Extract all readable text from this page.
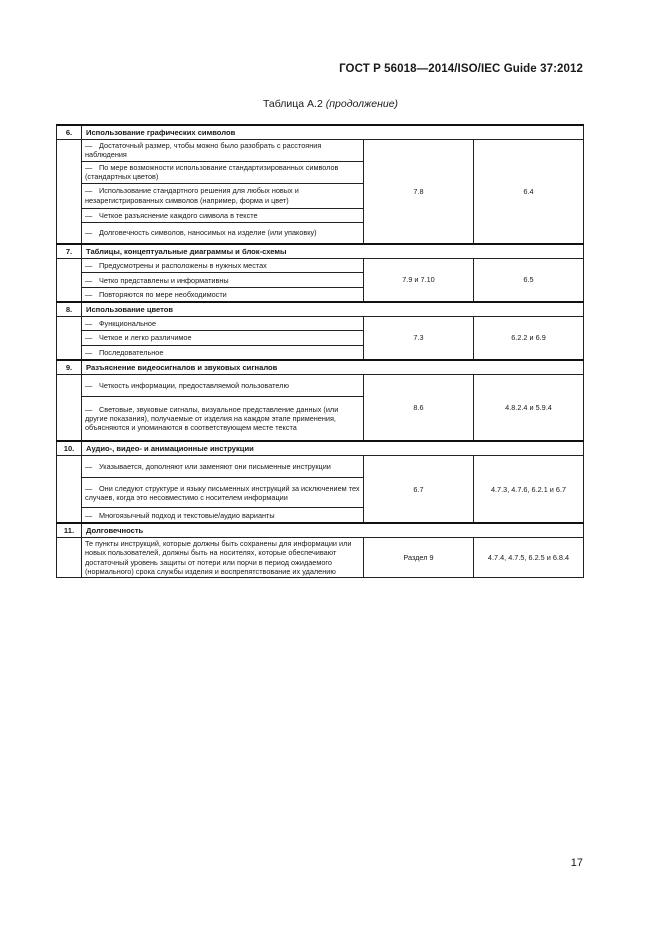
ГОСТ Р 56018—2014/ISO/IEC Guide 37:2012
Таблица А.2 (продолжение)
6.	Использование графических символов		
	— Достаточный размер, чтобы можно было разобрать с расстояния наблюдения	7.8	6.4
	— По мере возможности использование стандартизированных символов (стандартных цветов)		
	— Использование стандартного решения для любых новых и незарегистрированных символов (например, форма и цвет)		
	— Четкое разъяснение каждого символа в тексте		
	— Долговечность символов, наносимых на изделие (или упаковку)		
7.	Таблицы, концептуальные диаграммы и блок-схемы		
	— Предусмотрены и расположены в нужных местах	7.9 и 7.10	6.5
	— Четко представлены и информативны		
	— Повторяются по мере необходимости		
8.	Использование цветов		
	— Функциональное	7.3	6.2.2 и 6.9
	— Четкое и легко различимое		
	— Последовательное		
9.	Разъяснение видеосигналов и звуковых сигналов		
	— Четкость информации, предоставляемой пользователю	8.6	4.8.2.4 и 5.9.4
	— Световые, звуковые сигналы, визуальное представление данных (или другие показания), получаемые от изделия на каждом этапе применения, объясняются и упоминаются в соответствующем месте текста		
10.	Аудио-, видео- и анимационные инструкции		
	— Указывается, дополняют или заменяют они письменные инструкции	6.7	4.7.3, 4.7.6, 6.2.1 и 6.7
	— Они следуют структуре и языку письменных инструкций за исключением тех случаев, когда это несовместимо с носителем информации		
	— Многоязычный подход и текстовые/аудио варианты		
11.	Долговечность		
	Те пункты инструкций, которые должны быть сохранены для информации или новых пользователей, должны быть на носителях, которые обеспечивают достаточный уровень защиты от потери или порчи в период ожидаемого (нормального) срока службы изделия и воспрепятствование их удалению	Раздел 9	4.7.4, 4.7.5, 6.2.5 и 6.8.4
17
